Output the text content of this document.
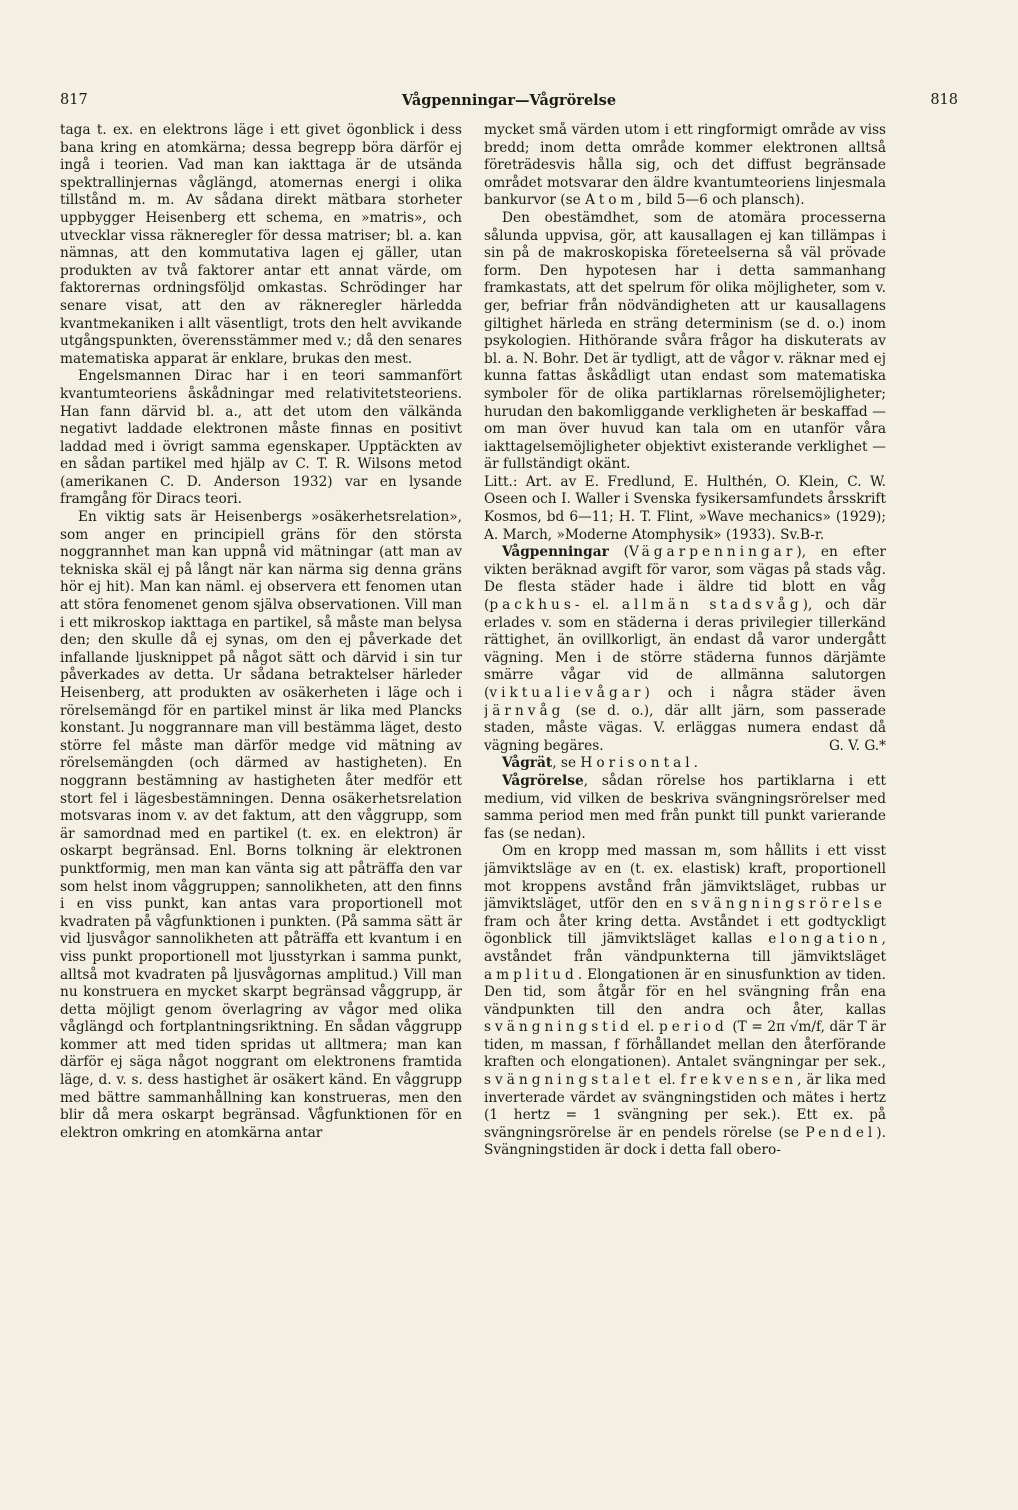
817	Vågpenningar—Vågrörelse	818

taga t. ex. en elektrons läge i ett givet ögonblick i dess bana kring en atomkärna; dessa begrepp böra därför ej ingå i teorien. Vad man kan iakttaga är de utsända spektrallinjernas våglängd, atomernas energi i olika tillstånd m. m. Av sådana direkt mätbara storheter uppbygger Heisenberg ett schema, en »matris», och utvecklar vissa räkneregler för dessa matriser; bl. a. kan nämnas, att den kommutativa lagen ej gäller, utan produkten av två faktorer antar ett annat värde, om faktorernas ordningsföljd omkastas. Schrödinger har senare visat, att den av räkneregler härledda kvantmekaniken i allt väsentligt, trots den helt avvikande utgångspunkten, överensstämmer med v.; då den senares matematiska apparat är enklare, brukas den mest.

Engelsmannen Dirac har i en teori sammanfört kvantumteoriens åskådningar med relativitetsteoriens. Han fann därvid bl. a., att det utom den välkända negativt laddade elektronen måste finnas en positivt laddad med i övrigt samma egenskaper. Upptäckten av en sådan partikel med hjälp av C. T. R. Wilsons metod (amerikanen C. D. Anderson 1932) var en lysande framgång för Diracs teori.

En viktig sats är Heisenbergs »osäkerhetsrelation», som anger en principiell gräns för den största noggrannhet man kan uppnå vid mätningar (att man av tekniska skäl ej på långt när kan närma sig denna gräns hör ej hit). Man kan näml. ej observera ett fenomen utan att störa fenomenet genom själva observationen. Vill man i ett mikroskop iakttaga en partikel, så måste man belysa den; den skulle då ej synas, om den ej påverkade det infallande ljusknippet på något sätt och därvid i sin tur påverkades av detta. Ur sådana betraktelser härleder Heisenberg, att produkten av osäkerheten i läge och i rörelsemängd för en partikel minst är lika med Plancks konstant. Ju noggrannare man vill bestämma läget, desto större fel måste man därför medge vid mätning av rörelsemängden (och därmed av hastigheten). En noggrann bestämning av hastigheten åter medför ett stort fel i lägesbestämningen. Denna osäkerhetsrelation motsvaras inom v. av det faktum, att den våggrupp, som är samordnad med en partikel (t. ex. en elektron) är oskarpt begränsad. Enl. Borns tolkning är elektronen punktformig, men man kan vänta sig att påträffa den var som helst inom våggruppen; sannolikheten, att den finns i en viss punkt, kan antas vara proportionell mot kvadraten på vågfunktionen i punkten. (På samma sätt är vid ljusvågor sannolikheten att påträffa ett kvantum i en viss punkt proportionell mot ljusstyrkan i samma punkt, alltså mot kvadraten på ljusvågornas amplitud.) Vill man nu konstruera en mycket skarpt begränsad våggrupp, är detta möjligt genom överlagring av vågor med olika våglängd och fortplantningsriktning. En sådan våggrupp kommer att med tiden spridas ut alltmera; man kan därför ej säga något noggrant om elektronens framtida läge, d. v. s. dess hastighet är osäkert känd. En våggrupp med bättre sammanhållning kan konstrueras, men den blir då mera oskarpt begränsad. Vågfunktionen för en elektron omkring en atomkärna antar

mycket små värden utom i ett ringformigt område av viss bredd; inom detta område kommer elektronen alltså företrädesvis hålla sig, och det diffust begränsade området motsvarar den äldre kvantumteoriens linjesmala bankurvor (se Atom, bild 5—6 och plansch).

Den obestämdhet, som de atomära processerna sålunda uppvisa, gör, att kausallagen ej kan tillämpas i sin på de makroskopiska företeelserna så väl prövade form. Den hypotesen har i detta sammanhang framkastats, att det spelrum för olika möjligheter, som v. ger, befriar från nödvändigheten att ur kausallagens giltighet härleda en sträng determinism (se d. o.) inom psykologien. Hithörande svåra frågor ha diskuterats av bl. a. N. Bohr. Det är tydligt, att de vågor v. räknar med ej kunna fattas åskådligt utan endast som matematiska symboler för de olika partiklarnas rörelsemöjligheter; hurudan den bakomliggande verkligheten är beskaffad — om man över huvud kan tala om en utanför våra iakttagelsemöjligheter objektivt existerande verklighet — är fullständigt okänt.

Litt.: Art. av E. Fredlund, E. Hulthén, O. Klein, C. W. Oseen och I. Waller i Svenska fysikersamfundets årsskrift Kosmos, bd 6—11; H. T. Flint, »Wave mechanics» (1929); A. March, »Moderne Atomphysik» (1933). Sv.B-r.

Vågpenningar (Vägarpenningar), en efter vikten beräknad avgift för varor, som vägas på stads våg. De flesta städer hade i äldre tid blott en våg (packhus- el. allmän stadsvåg), och där erlades v. som en städerna i deras privilegier tillerkänd rättighet, än ovillkorligt, än endast då varor undergått vägning. Men i de större städerna funnos därjämte smärre vågar vid de allmänna salutorgen (viktualievågar) och i några städer även järnvåg (se d. o.), där allt järn, som passerade staden, måste vägas. V. erläggas numera endast då vägning begäres.	G. V. G.*

Vågrät, se Horisontal.

Vågrörelse, sådan rörelse hos partiklarna i ett medium, vid vilken de beskriva svängningsrörelser med samma period men med från punkt till punkt varierande fas (se nedan).

Om en kropp med massan m, som hållits i ett visst jämviktsläge av en (t. ex. elastisk) kraft, proportionell mot kroppens avstånd från jämviktsläget, rubbas ur jämviktsläget, utför den en svängningsrörelse fram och åter kring detta. Avståndet i ett godtyckligt ögonblick till jämviktsläget kallas elongation, avståndet från vändpunkterna till jämviktsläget amplitud. Elongationen är en sinusfunktion av tiden. Den tid, som åtgår för en hel svängning från ena vändpunkten till den andra och åter, kallas svängningstid el. period (T = 2π √m/f, där T är tiden, m massan, f förhållandet mellan den återförande kraften och elongationen). Antalet svängningar per sek., svängningstalet el. frekvensen, är lika med inverterade värdet av svängningstiden och mätes i hertz (1 hertz = 1 svängning per sek.). Ett ex. på svängningsrörelse är en pendels rörelse (se Pendel). Svängningstiden är dock i detta fall obero-
